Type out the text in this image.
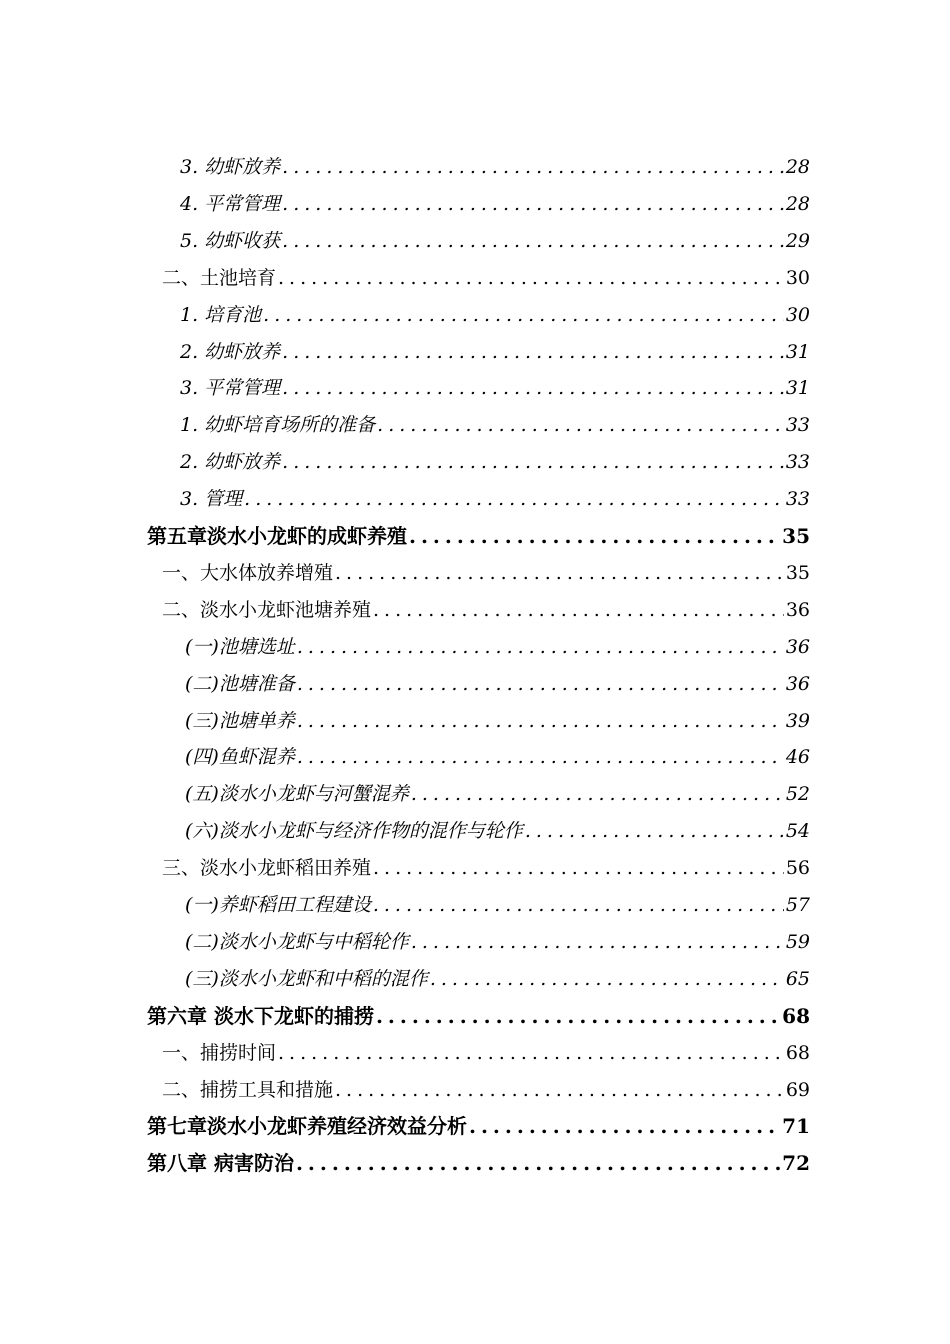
3. 幼虾放养 .....	28
4. 平常管理 .....	28
5. 幼虾收获 .....	29
二、土池培育 .....	30
1. 培育池 .....	30
2. 幼虾放养 .....	31
3. 平常管理 .....	31
1. 幼虾培育场所的准备 .....	33
2. 幼虾放养 .....	33
3. 管理 .....	33
第五章淡水小龙虾的成虾养殖 .....	35
一、大水体放养增殖 .....	35
二、淡水小龙虾池塘养殖 .....	36
(一)池塘选址 .....	36
(二)池塘准备 .....	36
(三)池塘单养 .....	39
(四)鱼虾混养 .....	46
(五)淡水小龙虾与河蟹混养 .....	52
(六)淡水小龙虾与经济作物的混作与轮作 .....	54
三、淡水小龙虾稻田养殖 .....	56
(一)养虾稻田工程建设 .....	57
(二)淡水小龙虾与中稻轮作 .....	59
(三)淡水小龙虾和中稻的混作 .....	65
第六章 淡水下龙虾的捕捞 .....	68
一、捕捞时间 .....	68
二、捕捞工具和措施 .....	69
第七章淡水小龙虾养殖经济效益分析 .....	71
第八章 病害防治 .....	72
